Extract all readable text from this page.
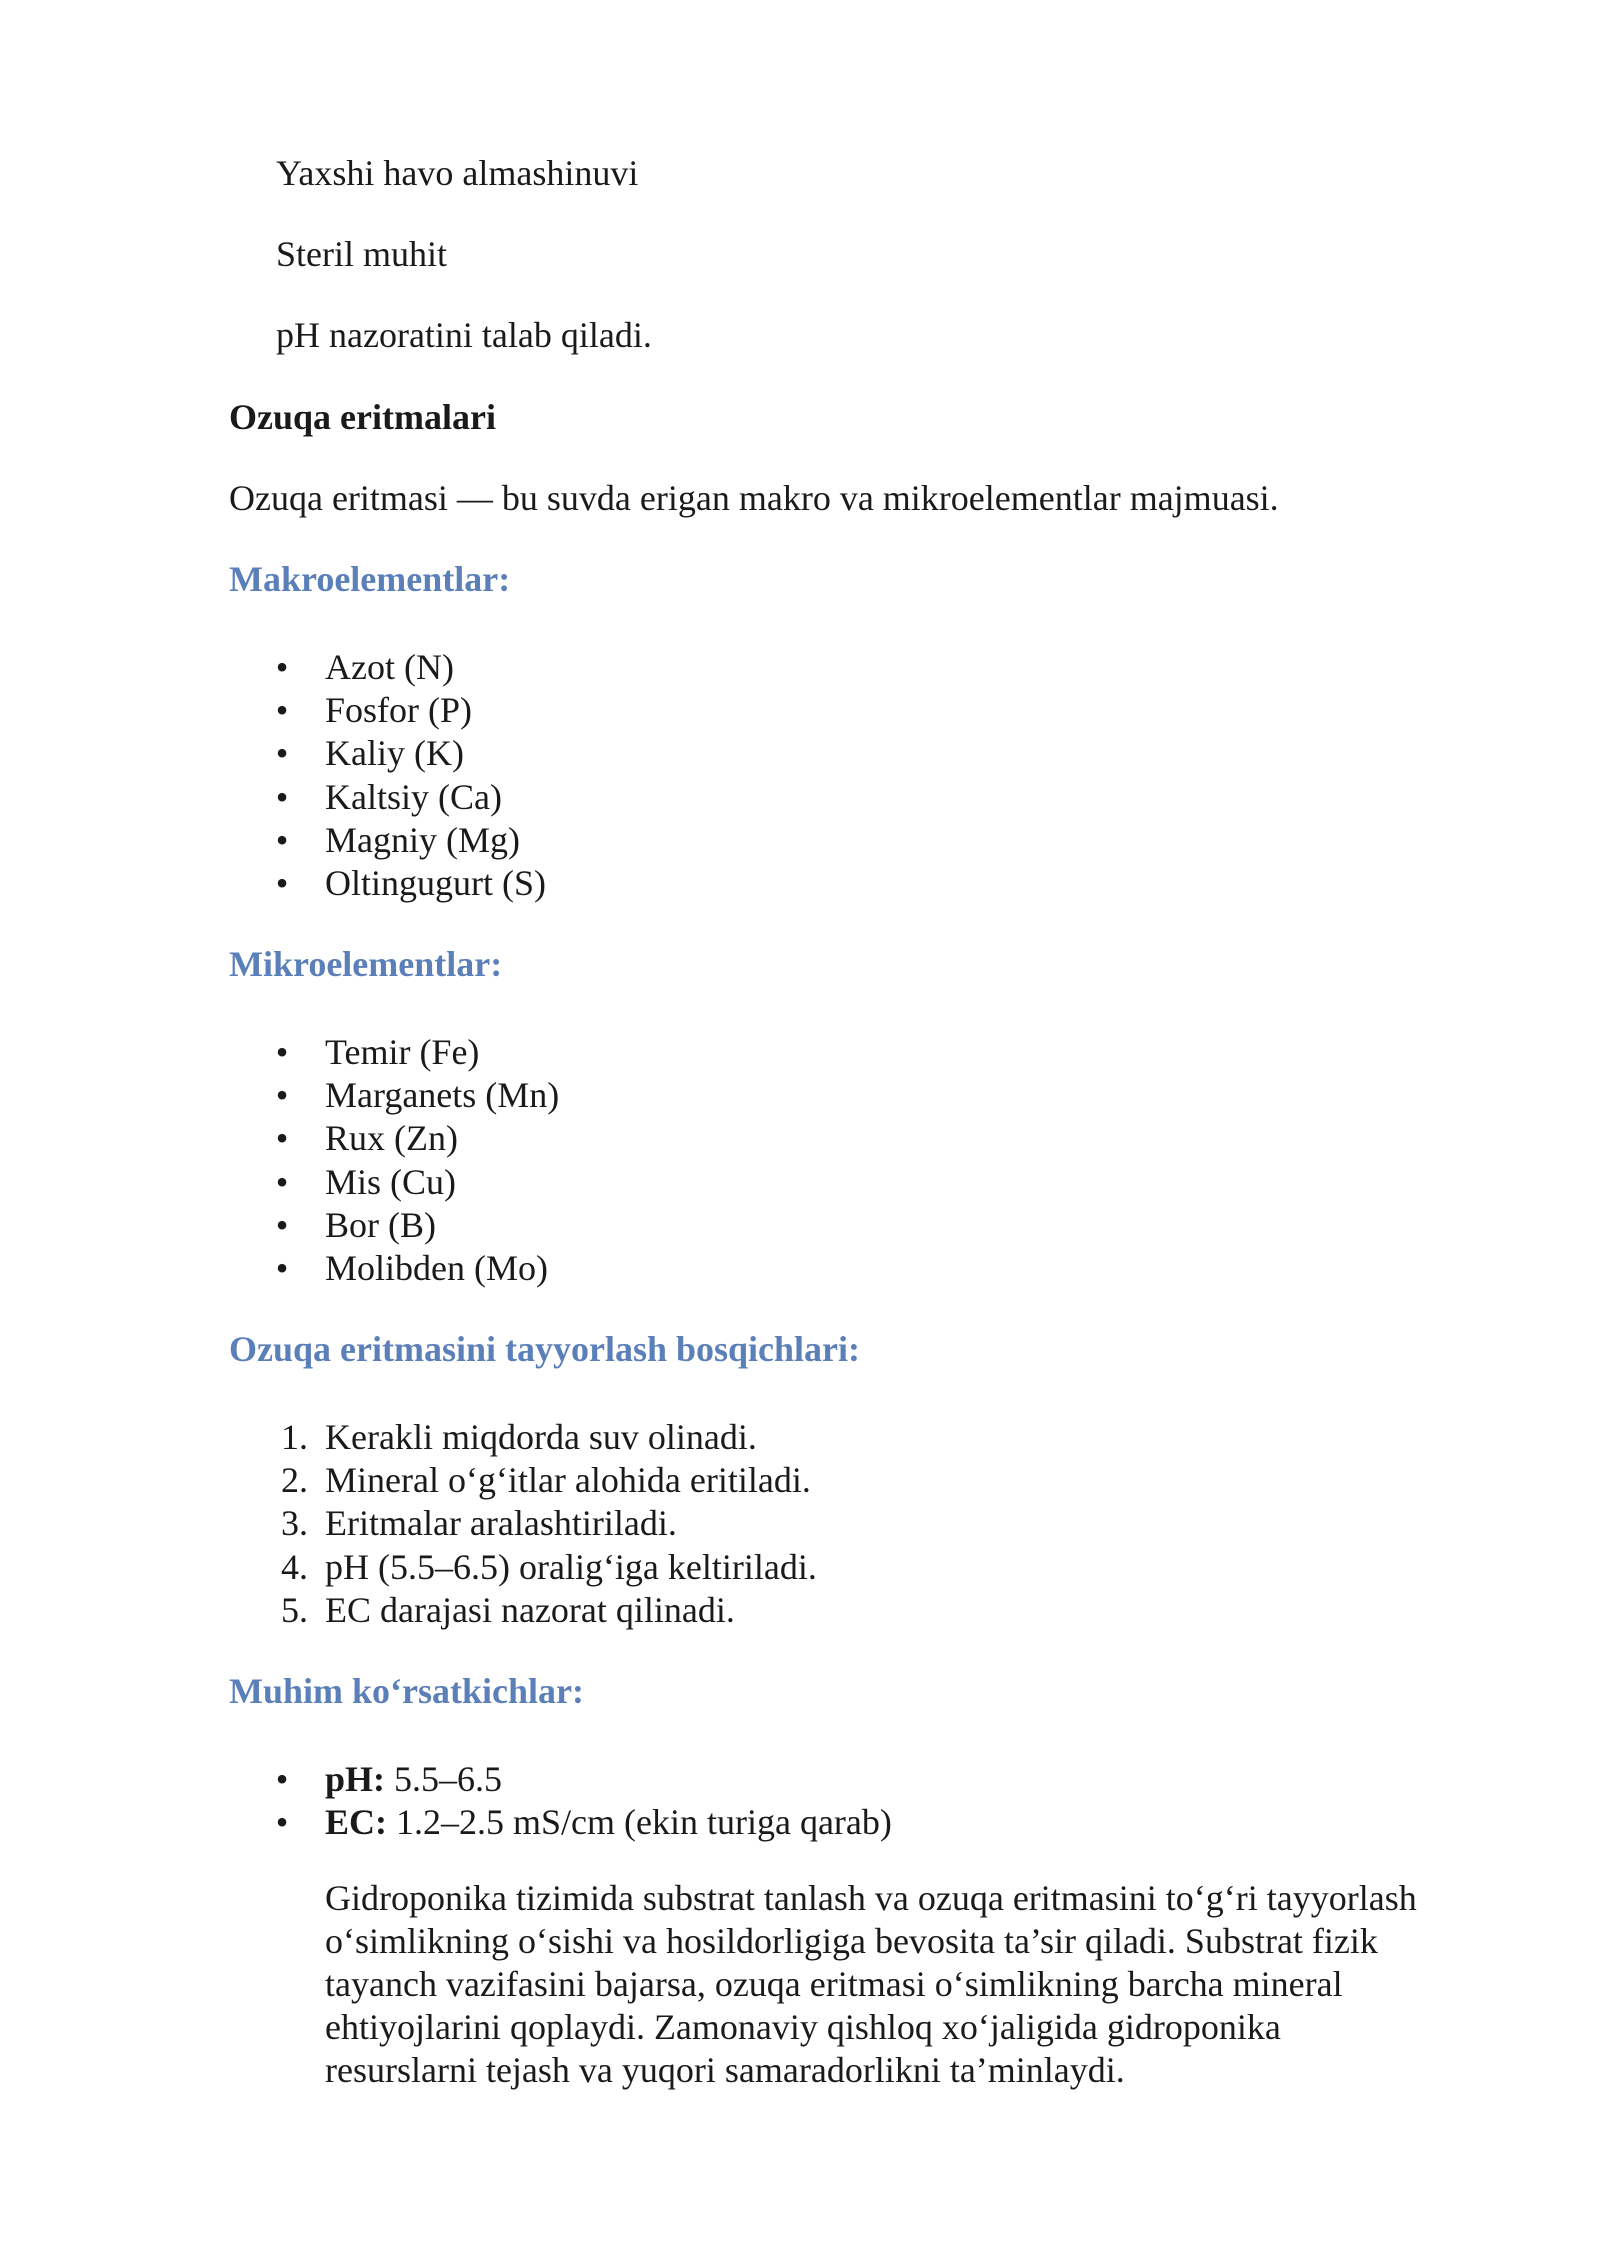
Yaxshi havo almashinuvi

Steril muhit

pH nazoratini talab qiladi.

Ozuqa eritmalari

Ozuqa eritmasi — bu suvda erigan makro va mikroelementlar majmuasi.

Makroelementlar:

• Azot (N)
• Fosfor (P)
• Kaliy (K)
• Kaltsiy (Ca)
• Magniy (Mg)
• Oltingugurt (S)

Mikroelementlar:

• Temir (Fe)
• Marganets (Mn)
• Rux (Zn)
• Mis (Cu)
• Bor (B)
• Molibden (Mo)

Ozuqa eritmasini tayyorlash bosqichlari:

1. Kerakli miqdorda suv olinadi.
2. Mineral o‘g‘itlar alohida eritiladi.
3. Eritmalar aralashtiriladi.
4. pH (5.5–6.5) oralig‘iga keltiriladi.
5. EC darajasi nazorat qilinadi.

Muhim ko‘rsatkichlar:

• pH: 5.5–6.5
• EC: 1.2–2.5 mS/cm (ekin turiga qarab)

Gidroponika tizimida substrat tanlash va ozuqa eritmasini to‘g‘ri tayyorlash
o‘simlikning o‘sishi va hosildorligiga bevosita ta’sir qiladi. Substrat fizik
tayanch vazifasini bajarsa, ozuqa eritmasi o‘simlikning barcha mineral
ehtiyojlarini qoplaydi. Zamonaviy qishloq xo‘jaligida gidroponika
resurslarni tejash va yuqori samaradorlikni ta’minlaydi.
